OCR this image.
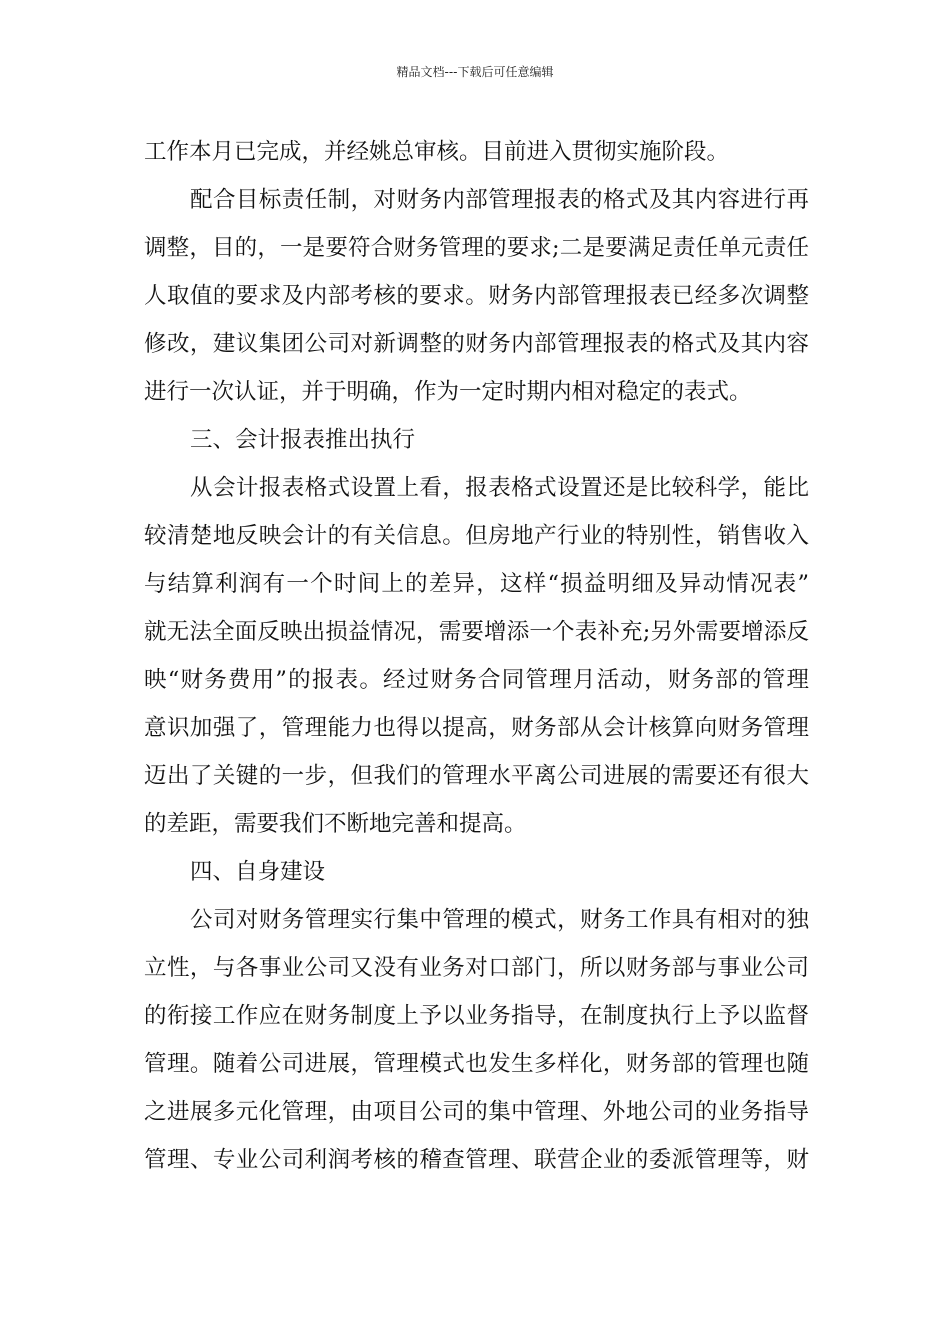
精品文档---下载后可任意编辑
工作本月已完成，并经姚总审核。目前进入贯彻实施阶段。
配合目标责任制，对财务内部管理报表的格式及其内容进行再
调整，目的，一是要符合财务管理的要求;二是要满足责任单元责任
人取值的要求及内部考核的要求。财务内部管理报表已经多次调整
修改，建议集团公司对新调整的财务内部管理报表的格式及其内容
进行一次认证，并于明确，作为一定时期内相对稳定的表式。
三、会计报表推出执行
从会计报表格式设置上看，报表格式设置还是比较科学，能比
较清楚地反映会计的有关信息。但房地产行业的特别性，销售收入
与结算利润有一个时间上的差异，这样“损益明细及异动情况表”
就无法全面反映出损益情况，需要增添一个表补充;另外需要增添反
映“财务费用”的报表。经过财务合同管理月活动，财务部的管理
意识加强了，管理能力也得以提高，财务部从会计核算向财务管理
迈出了关键的一步，但我们的管理水平离公司进展的需要还有很大
的差距，需要我们不断地完善和提高。
四、自身建设
公司对财务管理实行集中管理的模式，财务工作具有相对的独
立性，与各事业公司又没有业务对口部门，所以财务部与事业公司
的衔接工作应在财务制度上予以业务指导，在制度执行上予以监督
管理。随着公司进展，管理模式也发生多样化，财务部的管理也随
之进展多元化管理，由项目公司的集中管理、外地公司的业务指导
管理、专业公司利润考核的稽查管理、联营企业的委派管理等，财
